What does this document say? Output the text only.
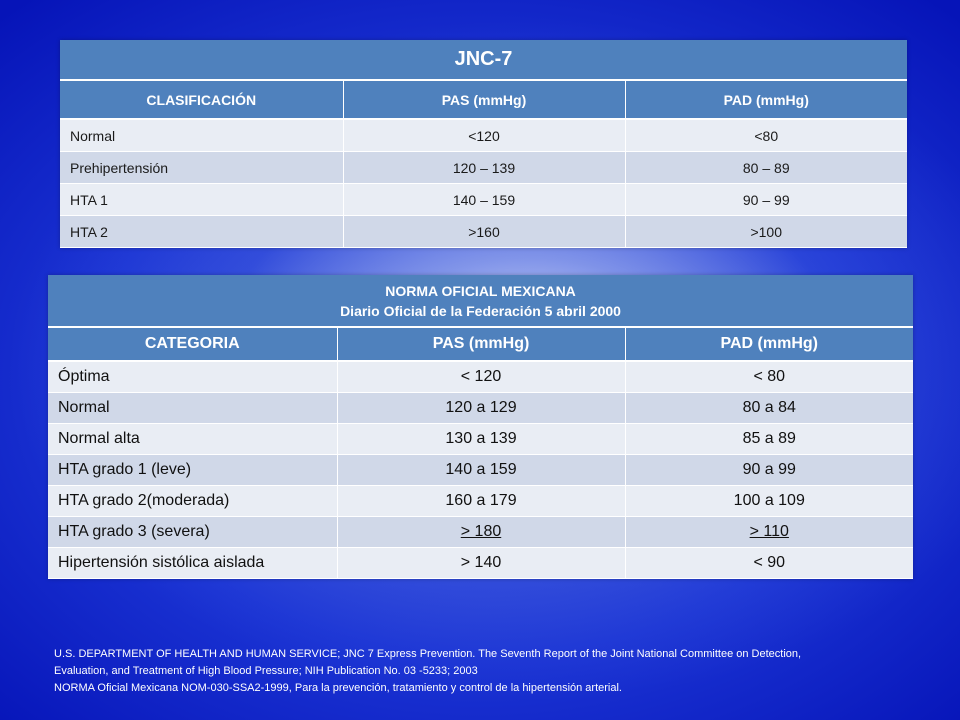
JNC-7		
CLASIFICACIÓN	PAS (mmHg)	PAD (mmHg)
Normal	<120	<80
Prehipertensión	120 – 139	80 – 89
HTA 1	140 – 159	90 – 99
HTA 2	>160	>100
NORMA OFICIAL MEXICANA
Diario Oficial de la Federación 5 abril 2000		

CATEGORIA	PAS (mmHg)	PAD (mmHg)
Óptima	< 120	< 80
Normal	120 a 129	80 a 84
Normal alta	130 a 139	85 a 89
HTA grado 1 (leve)	140 a 159	90 a 99
HTA grado 2(moderada)	160 a 179	100 a 109
HTA grado 3 (severa)	> 180	> 110
Hipertensión sistólica aislada	> 140	< 90
U.S. DEPARTMENT OF HEALTH AND HUMAN SERVICE; JNC 7 Express Prevention. The Seventh Report of the Joint National Committee on Detection,
Evaluation, and Treatment of High Blood Pressure; NIH Publication No. 03 -5233; 2003
NORMA Oficial Mexicana NOM-030-SSA2-1999, Para la prevención, tratamiento y control de la hipertensión arterial.
